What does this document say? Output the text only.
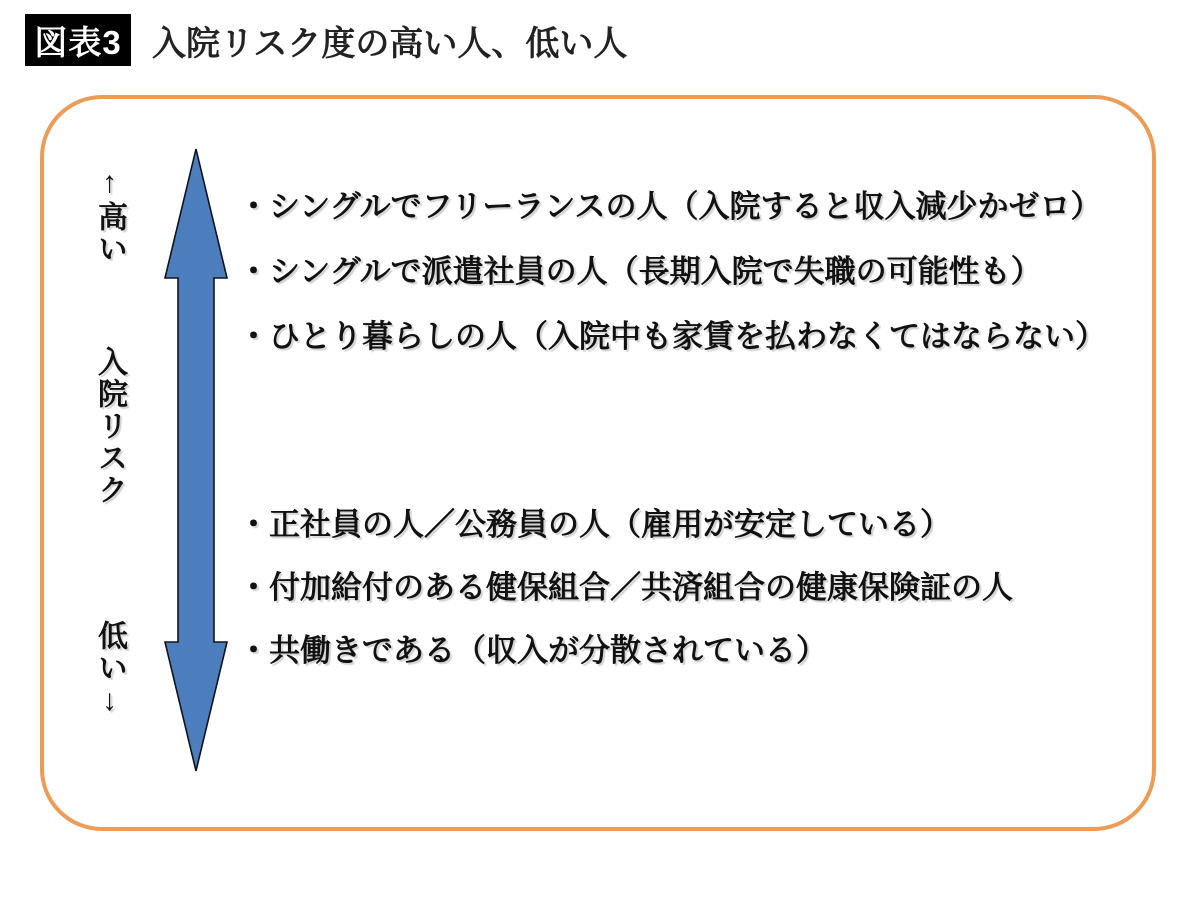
図表3 入院リスク度の高い人、低い人
↑高い
入院リスク
低い↓
・シングルでフリーランスの人（入院すると収入減少かゼロ）
・シングルで派遣社員の人（長期入院で失職の可能性も）
・ひとり暮らしの人（入院中も家賃を払わなくてはならない）
・正社員の人／公務員の人（雇用が安定している）
・付加給付のある健保組合／共済組合の健康保険証の人
・共働きである（収入が分散されている）
